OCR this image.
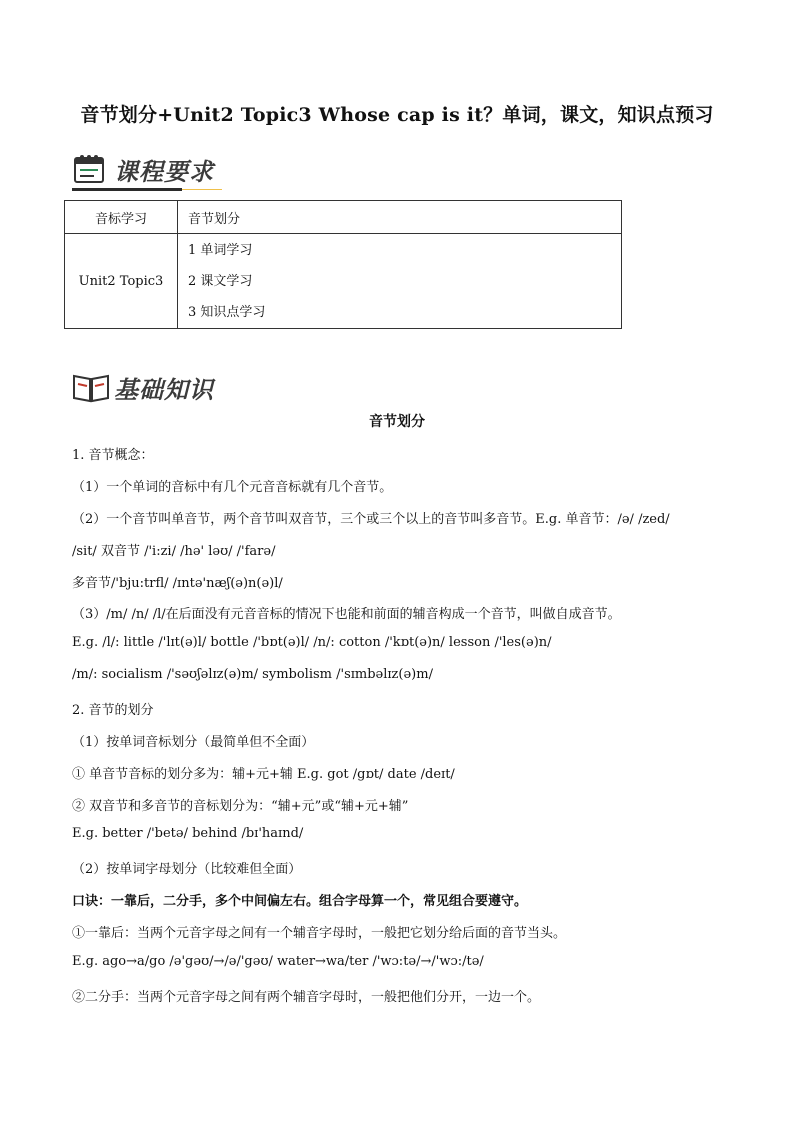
音节划分+Unit2 Topic3 Whose cap is it？单词，课文，知识点预习
课程要求
音标学习	音节划分
Unit2 Topic3	1 单词学习
2 课文学习
3 知识点学习
基础知识
音节划分
1. 音节概念：
（1）一个单词的音标中有几个元音音标就有几个音节。
（2）一个音节叫单音节，两个音节叫双音节，三个或三个以上的音节叫多音节。E.g. 单音节：/ə/ /zed/
/sit/ 双音节 /'i:zi/ /hə' ləʊ/ /'farə/
多音节/'bju:trfl/ /ɪntə'næʃ(ə)n(ə)l/
（3）/m/ /n/ /l/在后面没有元音音标的情况下也能和前面的辅音构成一个音节，叫做自成音节。
E.g. /l/: little /'lɪt(ə)l/ bottle /'bɒt(ə)l/ /n/: cotton /'kɒt(ə)n/ lesson /'les(ə)n/
/m/: socialism /'səʊʃəlɪz(ə)m/ symbolism /'sɪmbəlɪz(ə)m/
2. 音节的划分
（1）按单词音标划分（最简单但不全面）
① 单音节音标的划分多为：辅+元+辅 E.g. got /gɒt/ date /deɪt/
② 双音节和多音节的音标划分为：“辅+元”或“辅+元+辅”
E.g. better /'betə/ behind /bɪ'haɪnd/
（2）按单词字母划分（比较难但全面）
口诀：一靠后，二分手，多个中间偏左右。组合字母算一个，常见组合要遵守。
①一靠后：当两个元音字母之间有一个辅音字母时，一般把它划分给后面的音节当头。
E.g. ago→a/go /ə'gəʊ/→/ə/'gəʊ/ water→wa/ter /'wɔ:tə/→/'wɔ:/tə/
②二分手：当两个元音字母之间有两个辅音字母时，一般把他们分开，一边一个。
